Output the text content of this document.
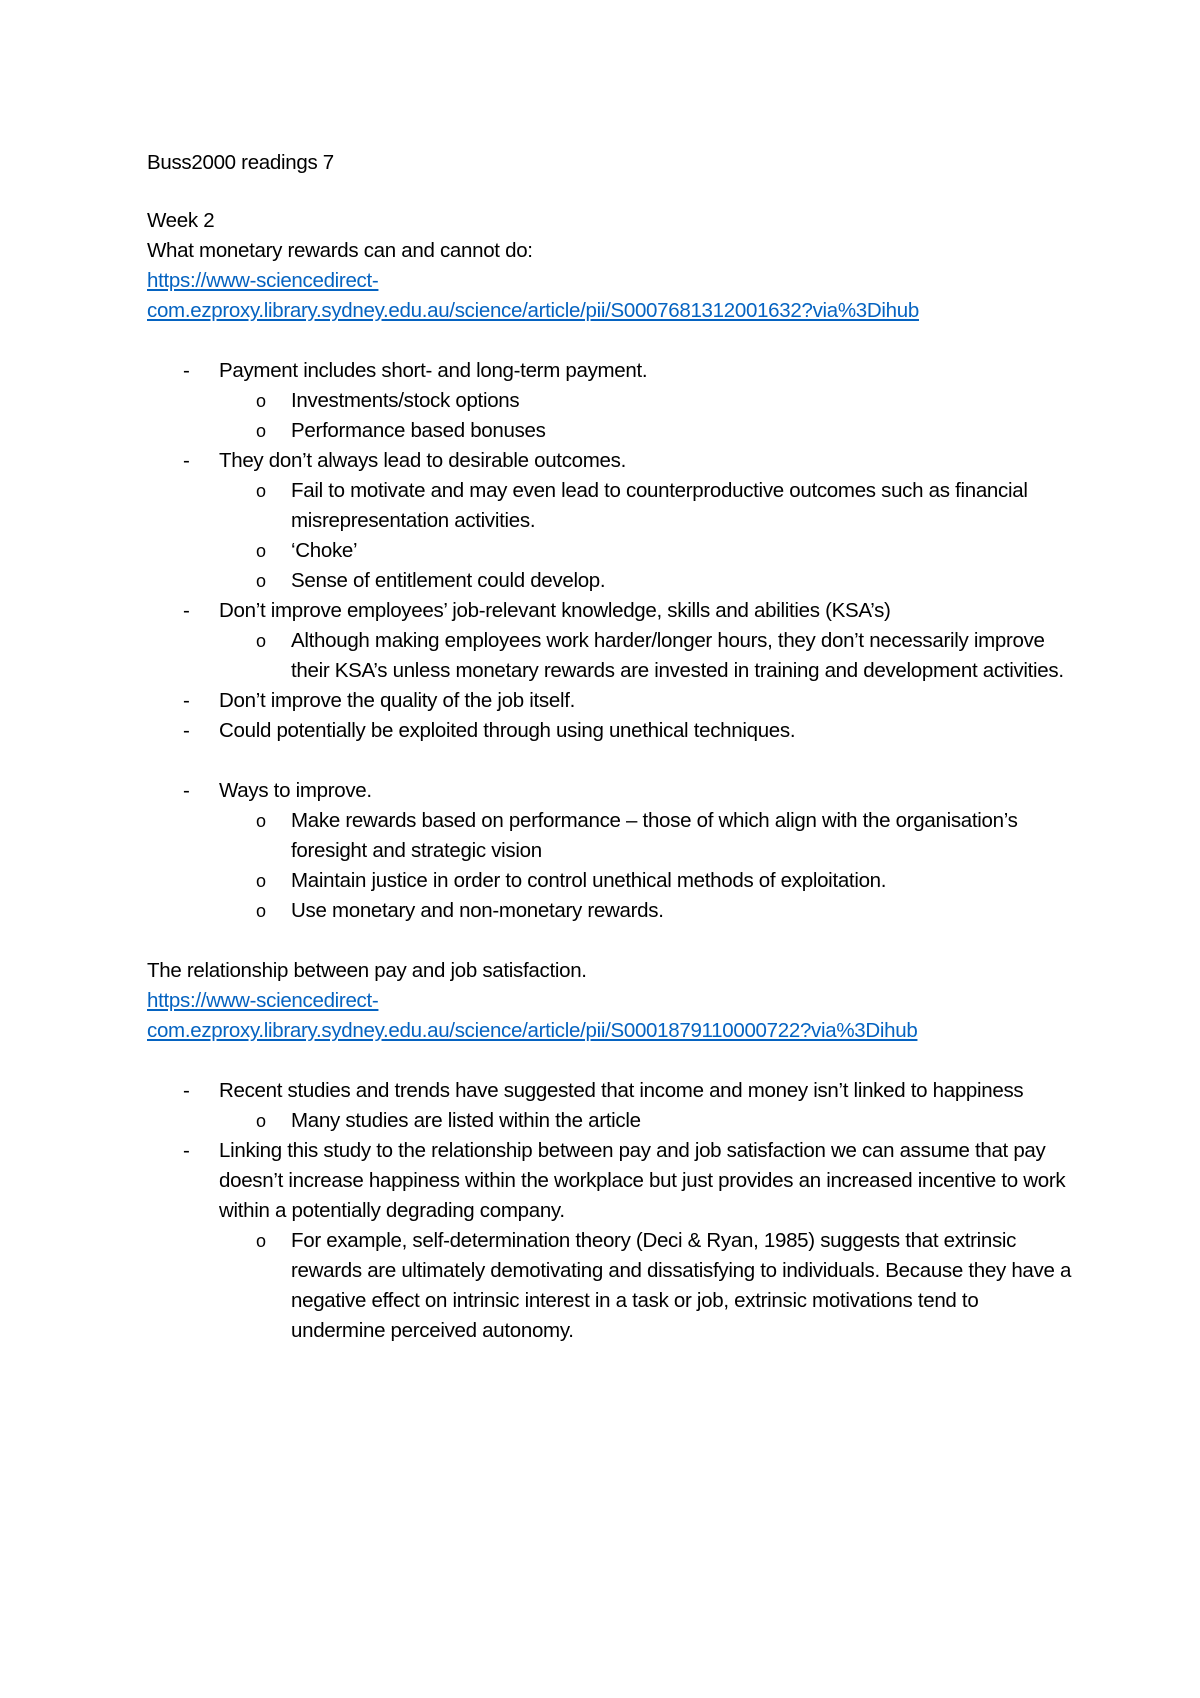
Buss2000 readings 7

Week 2

What monetary rewards can and cannot do:

https://www-sciencedirect-
com.ezproxy.library.sydney.edu.au/science/article/pii/S0007681312001632?via%3Dihub
- Payment includes short- and long-term payment.
o Investments/stock options
o Performance based bonuses
- They don’t always lead to desirable outcomes.
o Fail to motivate and may even lead to counterproductive outcomes such as financial misrepresentation activities.
o ‘Choke’
o Sense of entitlement could develop.
- Don’t improve employees’ job-relevant knowledge, skills and abilities (KSA’s)
o Although making employees work harder/longer hours, they don’t necessarily improve their KSA’s unless monetary rewards are invested in training and development activities.
- Don’t improve the quality of the job itself.
- Could potentially be exploited through using unethical techniques.
- Ways to improve.
o Make rewards based on performance – those of which align with the organisation’s foresight and strategic vision
o Maintain justice in order to control unethical methods of exploitation.
o Use monetary and non-monetary rewards.

The relationship between pay and job satisfaction.

https://www-sciencedirect-
com.ezproxy.library.sydney.edu.au/science/article/pii/S0001879110000722?via%3Dihub
- Recent studies and trends have suggested that income and money isn’t linked to happiness
o Many studies are listed within the article
- Linking this study to the relationship between pay and job satisfaction we can assume that pay doesn’t increase happiness within the workplace but just provides an increased incentive to work within a potentially degrading company.
o For example, self-determination theory (Deci & Ryan, 1985) suggests that extrinsic rewards are ultimately demotivating and dissatisfying to individuals. Because they have a negative effect on intrinsic interest in a task or job, extrinsic motivations tend to undermine perceived autonomy.
